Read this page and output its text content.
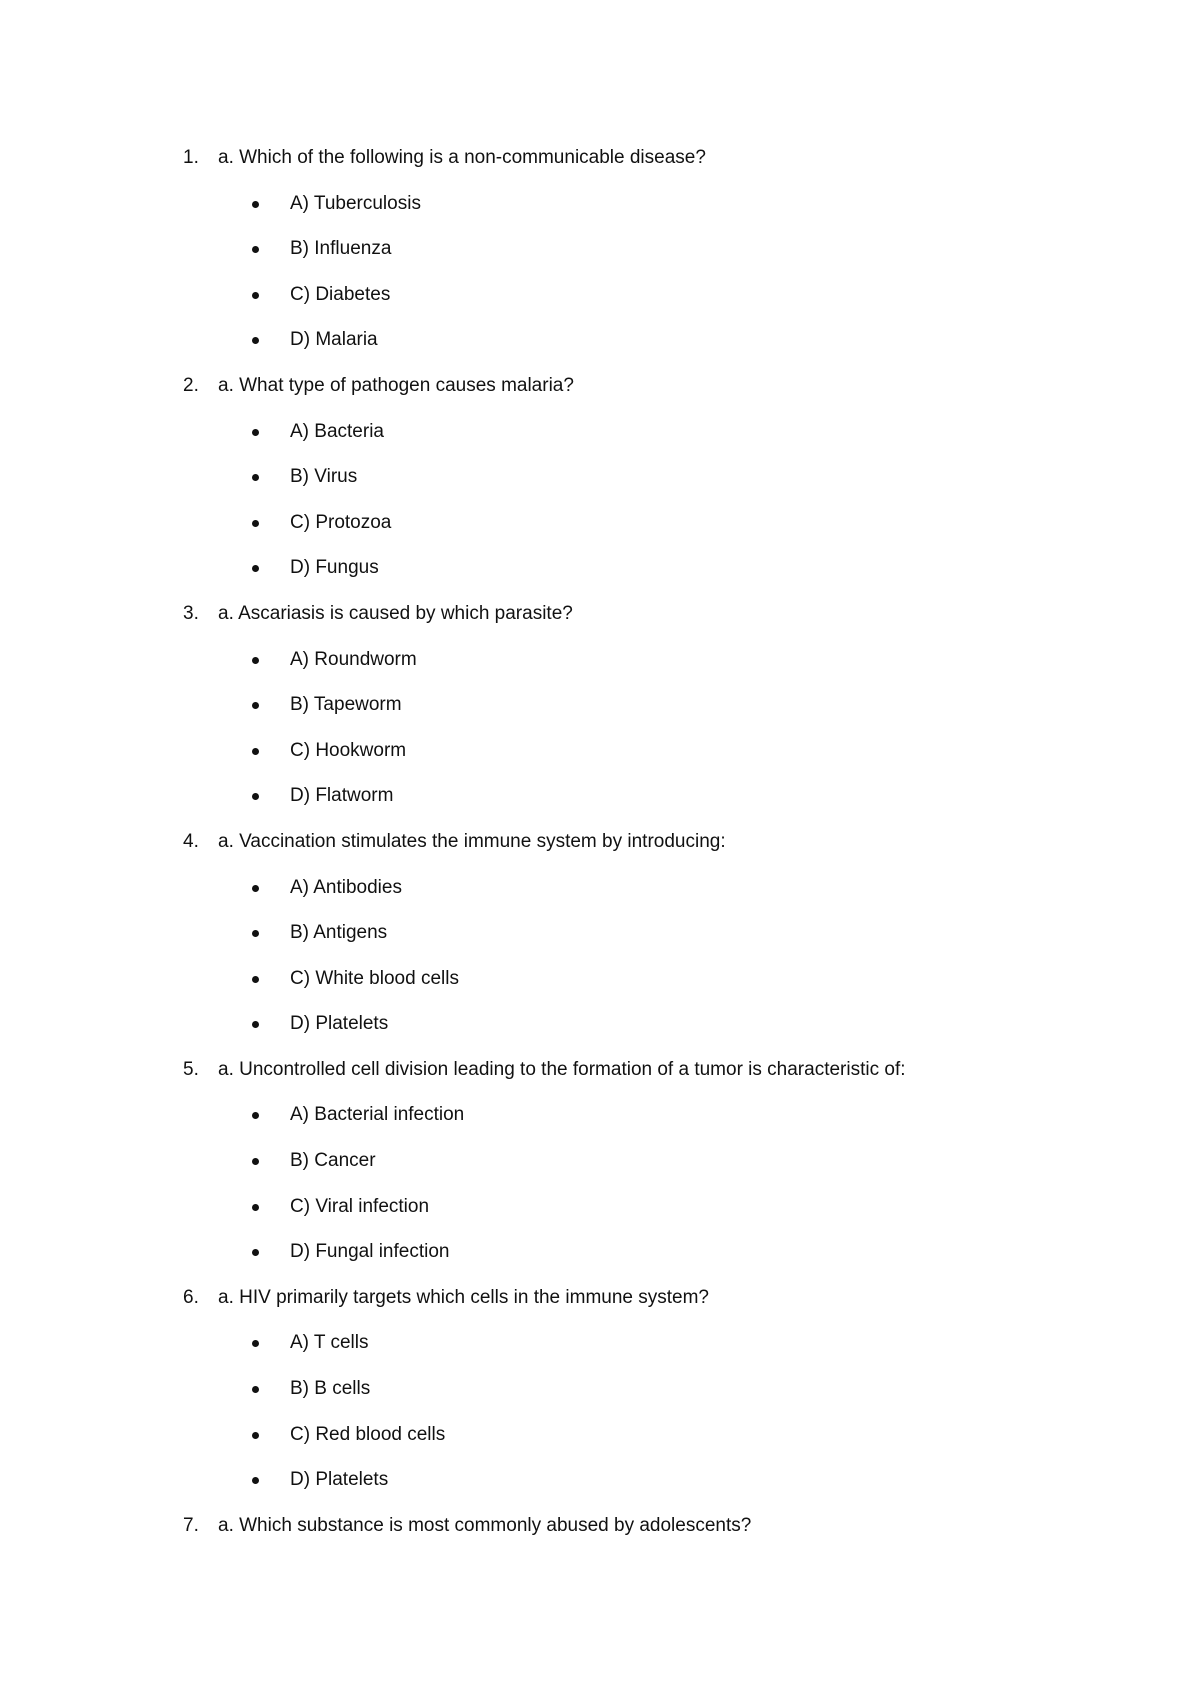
1. a. Which of the following is a non-communicable disease?
A) Tuberculosis
B) Influenza
C) Diabetes
D) Malaria
2. a. What type of pathogen causes malaria?
A) Bacteria
B) Virus
C) Protozoa
D) Fungus
3. a. Ascariasis is caused by which parasite?
A) Roundworm
B) Tapeworm
C) Hookworm
D) Flatworm
4. a. Vaccination stimulates the immune system by introducing:
A) Antibodies
B) Antigens
C) White blood cells
D) Platelets
5. a. Uncontrolled cell division leading to the formation of a tumor is characteristic of:
A) Bacterial infection
B) Cancer
C) Viral infection
D) Fungal infection
6. a. HIV primarily targets which cells in the immune system?
A) T cells
B) B cells
C) Red blood cells
D) Platelets
7. a. Which substance is most commonly abused by adolescents?
